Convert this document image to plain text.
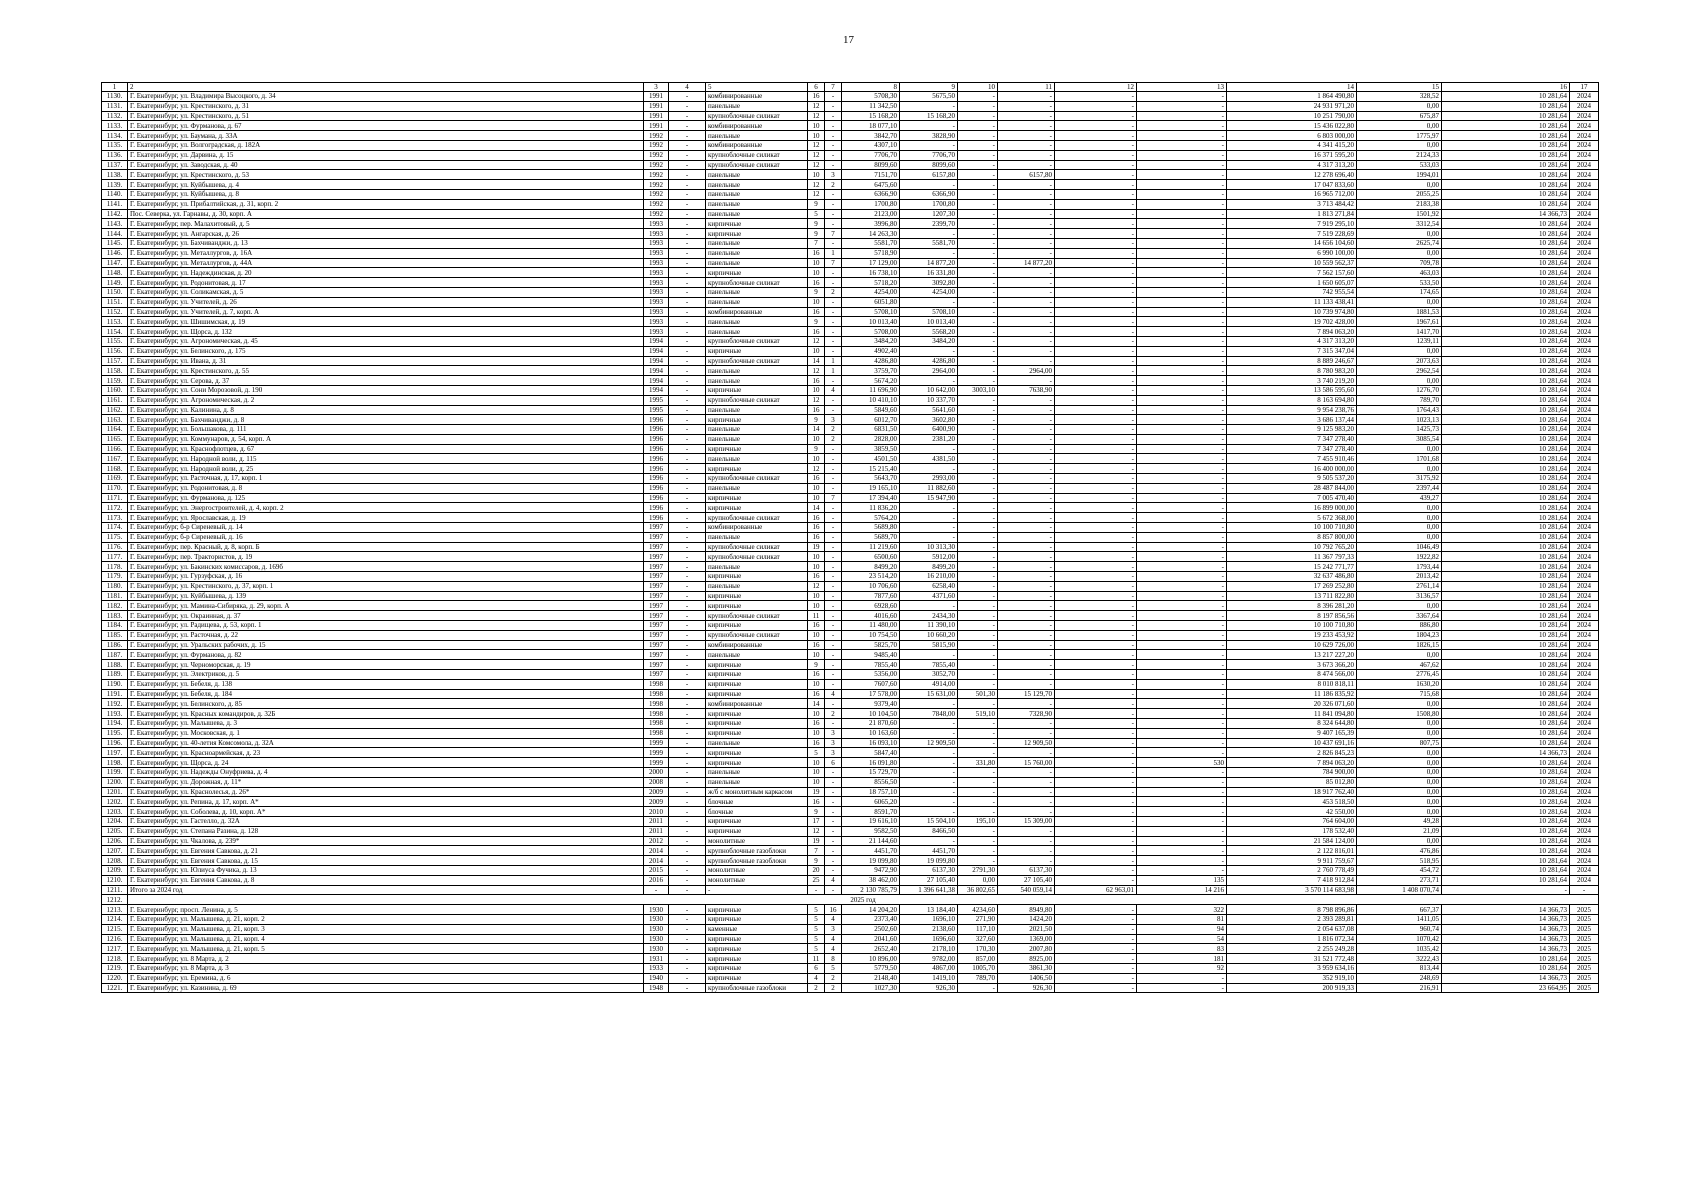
17
1	2	3	4	5	6	7	8	9	10	11	12	13	14	15	16	17
1130.	Г. Екатеринбург, ул. Владимира Высоцкого, д. 34	1991	-	комбинированные	16	-	5708,30	5675,50	-	-	-	-	1 864 490,80	328,52	10 281,64	2024
1131.	Г. Екатеринбург, ул. Крестинского, д. 31	1991	-	панельные	12	-	11 342,50	-	-	-	-	-	24 931 971,20	0,00	10 281,64	2024
1132.	Г. Екатеринбург, ул. Крестинского, д. 51	1991	-	крупноблочные силикат	12	-	15 168,20	15 168,20	-	-	-	-	10 251 790,00	675,87	10 281,64	2024
1133.	Г. Екатеринбург, ул. Фурманова, д. 67	1991	-	комбинированные	10	-	18 077,10	-	-	-	-	-	15 436 022,80	0,00	10 281,64	2024
1134.	Г. Екатеринбург, ул. Баумана, д. 33А	1992	-	панельные	10	-	3842,70	3828,90	-	-	-	-	6 803 000,00	1775,97	10 281,64	2024
1135.	Г. Екатеринбург, ул. Волгоградская, д. 182А	1992	-	комбинированные	12	-	4307,10	-	-	-	-	-	4 341 415,20	0,00	10 281,64	2024
1136.	Г. Екатеринбург, ул. Дарвина, д. 15	1992	-	крупноблочные силикат	12	-	7706,70	7706,70	-	-	-	-	16 371 595,20	2124,33	10 281,64	2024
1137.	Г. Екатеринбург, ул. Заводская, д. 40	1992	-	крупноблочные силикат	12	-	8099,60	8099,60	-	-	-	-	4 317 313,20	533,03	10 281,64	2024
1138.	Г. Екатеринбург, ул. Крестинского, д. 53	1992	-	панельные	10	3	7151,70	6157,80	-	6157,80	-	-	12 278 696,40	1994,01	10 281,64	2024
1139.	Г. Екатеринбург, ул. Куйбышева, д. 4	1992	-	панельные	12	2	6475,60	-	-	-	-	-	17 047 833,60	0,00	10 281,64	2024
1140.	Г. Екатеринбург, ул. Куйбышева, д. 8	1992	-	панельные	12	-	6366,90	6366,90	-	-	-	-	16 965 712,00	2055,25	10 281,64	2024
1141.	Г. Екатеринбург, ул. Прибалтийская, д. 31, корп. 2	1992	-	панельные	9	-	1700,80	1700,80	-	-	-	-	3 713 484,42	2183,38	10 281,64	2024
1142.	Пос. Северка, ул. Гарнавы, д. 30, корп. А	1992	-	панельные	5	-	2123,00	1207,30	-	-	-	-	1 813 271,84	1501,92	14 366,73	2024
1143.	Г. Екатеринбург, пер. Малахитовый, д. 5	1993	-	кирпичные	9	-	3996,80	2399,70	-	-	-	-	7 919 295,10	3312,54	10 281,64	2024
1144.	Г. Екатеринбург, ул. Ангарская, д. 26	1993	-	кирпичные	9	7	14 263,30	-	-	-	-	-	7 519 228,69	0,00	10 281,64	2024
1145.	Г. Екатеринбург, ул. Бахчиванджи, д. 13	1993	-	панельные	7	-	5581,70	5581,70	-	-	-	-	14 656 104,60	2625,74	10 281,64	2024
1146.	Г. Екатеринбург, ул. Металлургов, д. 16А	1993	-	панельные	16	1	5718,90	-	-	-	-	-	6 990 100,00	0,00	10 281,64	2024
1147.	Г. Екатеринбург, ул. Металлургов, д. 44А	1993	-	панельные	10	7	17 129,00	14 877,20	-	14 877,20	-	-	10 559 562,37	709,78	10 281,64	2024
1148.	Г. Екатеринбург, ул. Надеждинская, д. 20	1993	-	кирпичные	10	-	16 738,10	16 331,80	-	-	-	-	7 562 157,60	463,03	10 281,64	2024
1149.	Г. Екатеринбург, ул. Родонитовая, д. 17	1993	-	крупноблочные силикат	16	-	5718,20	3092,80	-	-	-	-	1 650 605,07	533,50	10 281,64	2024
1150.	Г. Екатеринбург, ул. Соликамская, д. 5	1993	-	панельные	9	2	4254,00	4254,00	-	-	-	-	742 955,54	174,65	10 281,64	2024
1151.	Г. Екатеринбург, ул. Учителей, д. 26	1993	-	панельные	10	-	6051,80	-	-	-	-	-	11 133 438,41	0,00	10 281,64	2024
1152.	Г. Екатеринбург, ул. Учителей, д. 7, корп. А	1993	-	комбинированные	16	-	5708,10	5708,10	-	-	-	-	10 739 974,80	1881,53	10 281,64	2024
1153.	Г. Екатеринбург, ул. Шишимская, д. 19	1993	-	панельные	9	-	10 013,40	10 013,40	-	-	-	-	19 702 428,00	1967,61	10 281,64	2024
1154.	Г. Екатеринбург, ул. Щорса, д. 132	1993	-	панельные	16	-	5708,00	5568,20	-	-	-	-	7 894 063,20	1417,70	10 281,64	2024
1155.	Г. Екатеринбург, ул. Агрономическая, д. 45	1994	-	крупноблочные силикат	12	-	3484,20	3484,20	-	-	-	-	4 317 313,20	1239,11	10 281,64	2024
1156.	Г. Екатеринбург, ул. Белинского, д. 175	1994	-	кирпичные	10	-	4902,40	-	-	-	-	-	7 315 347,04	0,00	10 281,64	2024
1157.	Г. Екатеринбург, ул. Ивана, д. 31	1994	-	крупноблочные силикат	14	1	4286,80	4286,80	-	-	-	-	8 889 246,67	2073,63	10 281,64	2024
1158.	Г. Екатеринбург, ул. Крестинского, д. 55	1994	-	панельные	12	1	3759,70	2964,00	-	2964,00	-	-	8 780 983,20	2962,54	10 281,64	2024
1159.	Г. Екатеринбург, ул. Серова, д. 37	1994	-	панельные	16	-	5674,20	-	-	-	-	-	3 740 219,20	0,00	10 281,64	2024
1160.	Г. Екатеринбург, ул. Сони Морозовой, д. 190	1994	-	кирпичные	10	4	11 696,90	10 642,00	3003,10	7638,90	-	-	13 586 595,60	1276,70	10 281,64	2024
1161.	Г. Екатеринбург, ул. Агрономическая, д. 2	1995	-	крупноблочные силикат	12	-	10 410,10	10 337,70	-	-	-	-	8 163 694,80	789,70	10 281,64	2024
1162.	Г. Екатеринбург, ул. Калинина, д. 8	1995	-	панельные	16	-	5849,60	5641,60	-	-	-	-	9 954 238,76	1764,43	10 281,64	2024
1163.	Г. Екатеринбург, ул. Бахчиванджи, д. 8	1996	-	кирпичные	9	3	6012,70	3602,80	-	-	-	-	3 686 137,44	1023,13	10 281,64	2024
1164.	Г. Екатеринбург, ул. Большакова, д. 111	1996	-	панельные	14	2	6831,50	6400,90	-	-	-	-	9 125 983,20	1425,73	10 281,64	2024
1165.	Г. Екатеринбург, ул. Коммунаров, д. 54, корп. А	1996	-	панельные	10	2	2828,00	2381,20	-	-	-	-	7 347 278,40	3085,54	10 281,64	2024
1166.	Г. Екатеринбург, ул. Краснофлотцев, д. 67	1996	-	кирпичные	9	-	3859,50	-	-	-	-	-	7 347 278,40	0,00	10 281,64	2024
1167.	Г. Екатеринбург, ул. Народной воли, д. 115	1996	-	панельные	10	-	4501,50	4381,50	-	-	-	-	7 455 910,46	1701,68	10 281,64	2024
1168.	Г. Екатеринбург, ул. Народной воли, д. 25	1996	-	кирпичные	12	-	15 215,40	-	-	-	-	-	16 400 000,00	0,00	10 281,64	2024
1169.	Г. Екатеринбург, ул. Расточная, д. 17, корп. 1	1996	-	крупноблочные силикат	16	-	5643,70	2993,00	-	-	-	-	9 505 537,20	3175,92	10 281,64	2024
1170.	Г. Екатеринбург, ул. Родонитовая, д. 8	1996	-	панельные	10	-	19 165,10	11 882,60	-	-	-	-	28 487 844,00	2397,44	10 281,64	2024
1171.	Г. Екатеринбург, ул. Фурманова, д. 125	1996	-	кирпичные	10	7	17 394,40	15 947,90	-	-	-	-	7 005 470,40	439,27	10 281,64	2024
1172.	Г. Екатеринбург, ул. Энергостроителей, д. 4, корп. 2	1996	-	кирпичные	14	-	11 836,20	-	-	-	-	-	16 899 000,00	0,00	10 281,64	2024
1173.	Г. Екатеринбург, ул. Ярославская, д. 19	1996	-	крупноблочные силикат	16	-	5764,20	-	-	-	-	-	5 672 368,00	0,00	10 281,64	2024
1174.	Г. Екатеринбург, б-р Сиреневый, д. 14	1997	-	комбинированные	16	-	5689,80	-	-	-	-	-	10 100 710,80	0,00	10 281,64	2024
1175.	Г. Екатеринбург, б-р Сиреневый, д. 16	1997	-	панельные	16	-	5689,70	-	-	-	-	-	8 857 800,00	0,00	10 281,64	2024
1176.	Г. Екатеринбург, пер. Красный, д. 8, корп. Б	1997	-	крупноблочные силикат	19	-	11 219,60	10 313,30	-	-	-	-	10 792 765,20	1046,49	10 281,64	2024
1177.	Г. Екатеринбург, пер. Трактористов, д. 19	1997	-	крупноблочные силикат	10	-	6500,60	5912,00	-	-	-	-	11 367 797,33	1922,82	10 281,64	2024
1178.	Г. Екатеринбург, ул. Бакинских комиссаров, д. 169б	1997	-	панельные	10	-	8499,20	8499,20	-	-	-	-	15 242 771,77	1793,44	10 281,64	2024
1179.	Г. Екатеринбург, ул. Гурзуфская, д. 16	1997	-	кирпичные	16	-	23 514,20	16 210,00	-	-	-	-	32 637 486,80	2013,42	10 281,64	2024
1180.	Г. Екатеринбург, ул. Крестинского, д. 37, корп. 1	1997	-	панельные	12	-	10 706,60	6258,40	-	-	-	-	17 269 252,80	2761,14	10 281,64	2024
1181.	Г. Екатеринбург, ул. Куйбышева, д. 139	1997	-	кирпичные	10	-	7877,60	4371,60	-	-	-	-	13 711 822,80	3136,57	10 281,64	2024
1182.	Г. Екатеринбург, ул. Мамина-Сибиряка, д. 29, корп. А	1997	-	кирпичные	10	-	6928,60	-	-	-	-	-	8 396 281,20	0,00	10 281,64	2024
1183.	Г. Екатеринбург, ул. Окраинная, д. 37	1997	-	крупноблочные силикат	11	-	4016,60	2434,30	-	-	-	-	8 197 856,56	3367,64	10 281,64	2024
1184.	Г. Екатеринбург, ул. Радищева, д. 53, корп. 1	1997	-	кирпичные	16	-	11 480,00	11 390,10	-	-	-	-	10 100 710,80	886,80	10 281,64	2024
1185.	Г. Екатеринбург, ул. Расточная, д. 22	1997	-	крупноблочные силикат	10	-	10 754,50	10 660,20	-	-	-	-	19 233 453,92	1804,23	10 281,64	2024
1186.	Г. Екатеринбург, ул. Уральских рабочих, д. 15	1997	-	комбинированные	16	-	5825,70	5815,90	-	-	-	-	10 629 726,00	1826,15	10 281,64	2024
1187.	Г. Екатеринбург, ул. Фурманова, д. 82	1997	-	панельные	10	-	9485,40	-	-	-	-	-	13 217 227,20	0,00	10 281,64	2024
1188.	Г. Екатеринбург, ул. Черноморская, д. 19	1997	-	кирпичные	9	-	7855,40	7855,40	-	-	-	-	3 673 366,20	467,62	10 281,64	2024
1189.	Г. Екатеринбург, ул. Электриков, д. 5	1997	-	кирпичные	16	-	5356,00	3052,70	-	-	-	-	8 474 566,00	2776,45	10 281,64	2024
1190.	Г. Екатеринбург, ул. Бебеля, д. 138	1998	-	кирпичные	10	-	7607,60	4914,00	-	-	-	-	8 010 818,11	1630,20	10 281,64	2024
1191.	Г. Екатеринбург, ул. Бебеля, д. 184	1998	-	кирпичные	16	4	17 578,00	15 631,00	501,30	15 129,70	-	-	11 186 835,92	715,68	10 281,64	2024
1192.	Г. Екатеринбург, ул. Белинского, д. 85	1998	-	комбинированные	14	-	9379,40	-	-	-	-	-	20 326 071,60	0,00	10 281,64	2024
1193.	Г. Екатеринбург, ул. Красных командиров, д. 32Б	1998	-	кирпичные	10	2	10 104,50	7848,00	519,10	7328,90	-	-	11 841 094,80	1508,80	10 281,64	2024
1194.	Г. Екатеринбург, ул. Малышева, д. 3	1998	-	кирпичные	16	-	21 870,60	-	-	-	-	-	8 324 644,80	0,00	10 281,64	2024
1195.	Г. Екатеринбург, ул. Московская, д. 1	1998	-	кирпичные	10	3	10 163,60	-	-	-	-	-	9 407 165,39	0,00	10 281,64	2024
1196.	Г. Екатеринбург, ул. 40-летия Комсомола, д. 32А	1999	-	панельные	16	3	16 093,10	12 909,50	-	12 909,50	-	-	10 437 691,16	807,75	10 281,64	2024
1197.	Г. Екатеринбург, ул. Красноармейская, д. 23	1999	-	кирпичные	5	3	5847,40	-	-	-	-	-	2 826 845,23	0,00	14 366,73	2024
1198.	Г. Екатеринбург, ул. Щорса, д. 24	1999	-	кирпичные	10	6	16 091,80	-	331,80	15 760,00	-	530	7 894 063,20	0,00	10 281,64	2024
1199.	Г. Екатеринбург, ул. Надежды Онуфриева, д. 4	2000	-	панельные	10	-	15 729,70	-	-	-	-	-	784 900,00	0,00	10 281,64	2024
1200.	Г. Екатеринбург, ул. Дорожная, д. 11*	2008	-	панельные	10	-	8556,50	-	-	-	-	-	85 012,80	0,00	10 281,64	2024
1201.	Г. Екатеринбург, ул. Краснолесья, д. 26*	2009	-	ж/б с монолитным каркасом	19	-	18 757,10	-	-	-	-	-	18 917 762,40	0,00	10 281,64	2024
1202.	Г. Екатеринбург, ул. Репина, д. 17, корп. А*	2009	-	блочные	16	-	6065,20	-	-	-	-	-	453 518,50	0,00	10 281,64	2024
1203.	Г. Екатеринбург, ул. Соболева, д. 10, корп. А*	2010	-	блочные	9	-	8591,70	-	-	-	-	-	42 550,00	0,00	10 281,64	2024
1204.	Г. Екатеринбург, ул. Гастелло, д. 32А	2011	-	кирпичные	17	-	19 616,10	15 504,10	195,10	15 309,00	-	-	764 604,00	49,28	10 281,64	2024
1205.	Г. Екатеринбург, ул. Степана Разина, д. 128	2011	-	кирпичные	12	-	9582,50	8466,50	-	-	-	-	178 532,40	21,09	10 281,64	2024
1206.	Г. Екатеринбург, ул. Чкалова, д. 239*	2012	-	монолитные	19	-	21 144,60	-	-	-	-	-	21 584 124,00	0,00	10 281,64	2024
1207.	Г. Екатеринбург, ул. Евгения Савкова, д. 21	2014	-	крупноблочные газоблоки	7	-	4451,70	4451,70	-	-	-	-	2 122 816,01	476,86	10 281,64	2024
1208.	Г. Екатеринбург, ул. Евгения Савкова, д. 15	2014	-	крупноблочные газоблоки	9	-	19 099,80	19 099,80	-	-	-	-	9 911 759,67	518,95	10 281,64	2024
1209.	Г. Екатеринбург, ул. Юлиуса Фучика, д. 13	2015	-	монолитные	20	-	9472,90	6137,30	2791,30	6137,30	-	-	2 760 778,49	454,72	10 281,64	2024
1210.	Г. Екатеринбург, ул. Евгения Савкова, д. 8	2016	-	монолитные	25	4	38 462,00	27 105,40	0,00	27 105,40	-	135	7 418 912,84	273,71	10 281,64	2024
1211.	Итого за 2024 год	-	-	-	-	-	2 130 785,79	1 396 641,38	36 802,65	540 059,14	62 963,01	14 216	3 570 114 683,98	1 408 070,74	-	-
1212.	2025 год															
1213.	Г. Екатеринбург, просп. Ленина, д. 5	1930	-	кирпичные	5	16	14 204,20	13 184,40	4234,60	8949,80	-	322	8 798 896,86	667,37	14 366,73	2025
1214.	Г. Екатеринбург, ул. Малышева, д. 21, корп. 2	1930	-	кирпичные	5	4	2373,40	1696,10	271,90	1424,20	-	81	2 393 289,81	1411,05	14 366,73	2025
1215.	Г. Екатеринбург, ул. Малышева, д. 21, корп. 3	1930	-	каменные	5	3	2502,60	2138,60	117,10	2021,50	-	94	2 054 637,08	960,74	14 366,73	2025
1216.	Г. Екатеринбург, ул. Малышева, д. 21, корп. 4	1930	-	кирпичные	5	4	2041,60	1696,60	327,60	1369,00	-	54	1 816 072,34	1070,42	14 366,73	2025
1217.	Г. Екатеринбург, ул. Малышева, д. 21, корп. 5	1930	-	кирпичные	5	4	2652,40	2178,10	170,30	2007,80	-	83	2 255 249,28	1035,42	14 366,73	2025
1218.	Г. Екатеринбург, ул. 8 Марта, д. 2	1931	-	кирпичные	11	8	10 896,00	9782,00	857,00	8925,00	-	181	31 521 772,48	3222,43	10 281,64	2025
1219.	Г. Екатеринбург, ул. 8 Марта, д. 3	1933	-	кирпичные	6	5	5779,50	4867,00	1005,70	3861,30	-	92	3 959 634,16	813,44	10 281,64	2025
1220.	Г. Екатеринбург, ул. Еремина, д. 6	1940	-	кирпичные	4	2	2148,40	1419,10	789,70	1406,50	-	-	352 919,10	248,69	14 366,73	2025
1221.	Г. Екатеринбург, ул. Казинина, д. 69	1948	-	крупноблочные газоблоки	2	2	1027,30	926,30	-	926,30	-	-	200 919,33	216,91	23 664,95	2025
